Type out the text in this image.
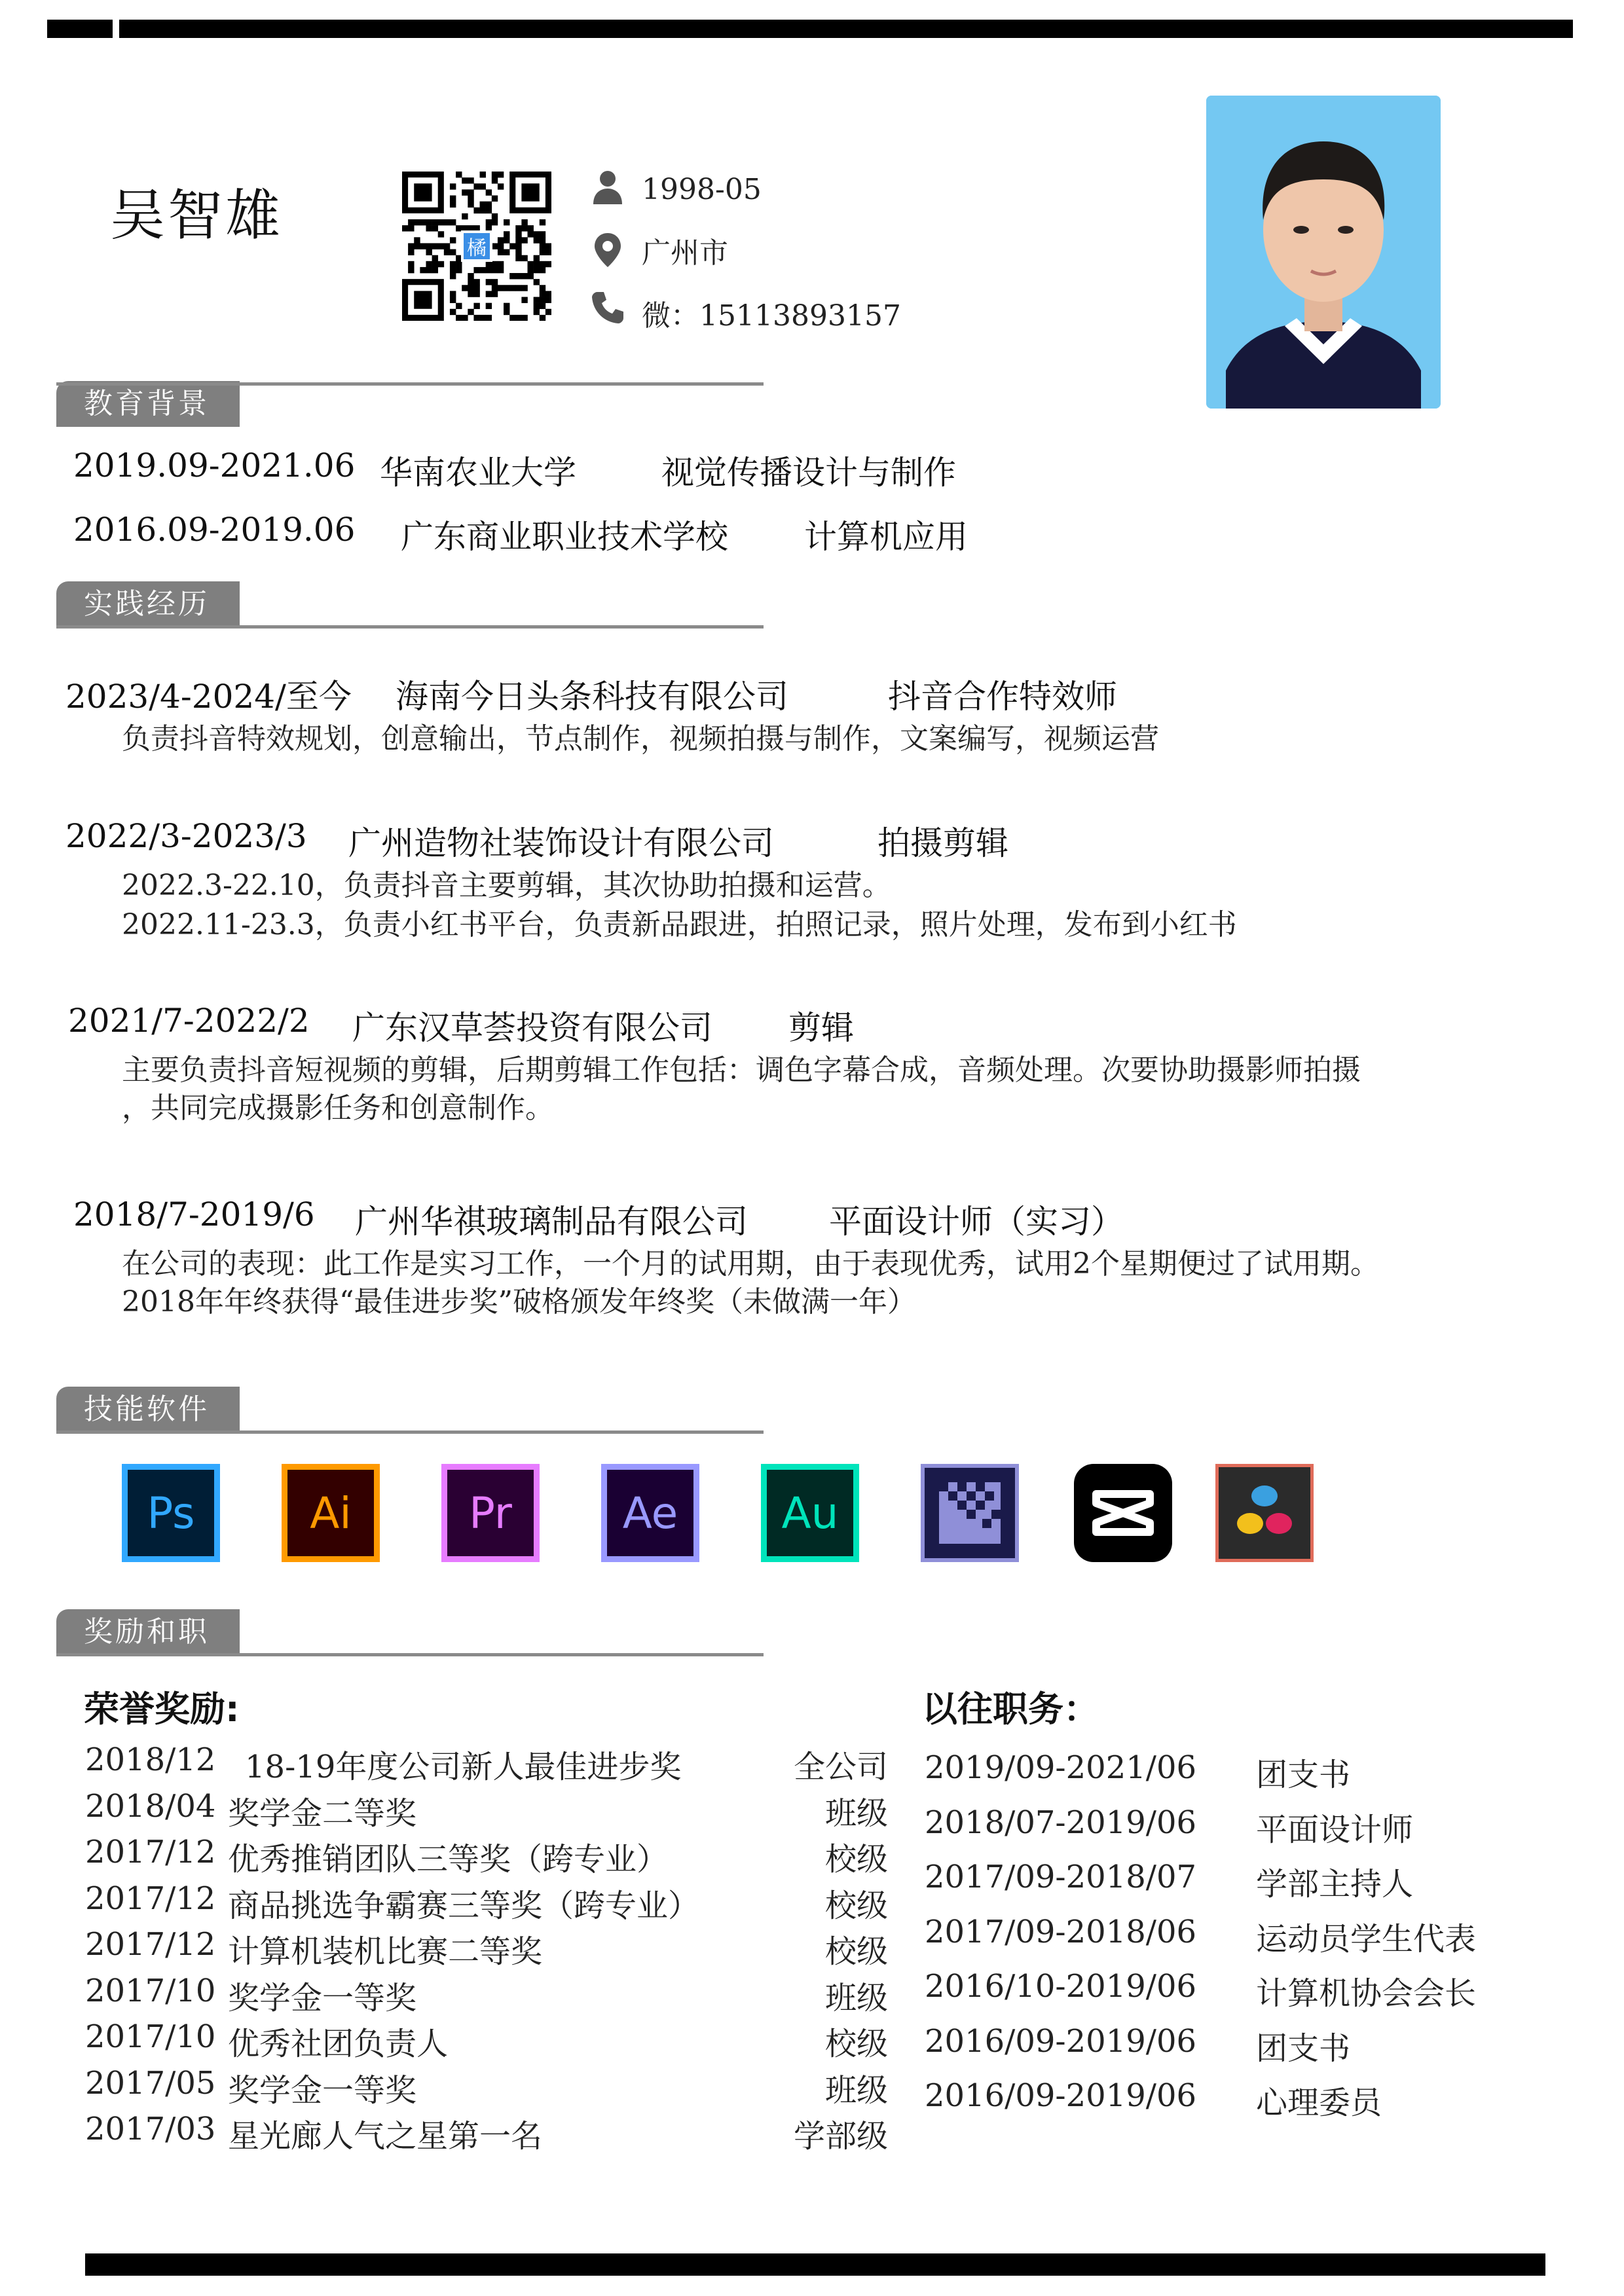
吴智雄
橘
1998-05
广州市
微：15113893157
教育背景
2019.09-2021.06 华南农业大学	视觉传播设计与制作
2016.09-2019.06 广东商业职业技术学校 计算机应用
实践经历
2023/4-2024/至今 海南今日头条科技有限公司	抖音合作特效师
负责抖音特效规划，创意输出，节点制作，视频拍摄与制作，文案编写，视频运营
2022/3-2023/3 广州造物社装饰设计有限公司	拍摄剪辑
2022.3-22.10，负责抖音主要剪辑，其次协助拍摄和运营。
2022.11-23.3，负责小红书平台，负责新品跟进，拍照记录，照片处理，发布到小红书
2021/7-2022/2 广东汉草荟投资有限公司 剪辑
主要负责抖音短视频的剪辑，后期剪辑工作包括：调色字幕合成，音频处理。次要协助摄影师拍摄
，共同完成摄影任务和创意制作。
2018/7-2019/6 广州华祺玻璃制品有限公司 平面设计师（实习）
在公司的表现：此工作是实习工作，一个月的试用期，由于表现优秀，试用2个星期便过了试用期。
2018年年终获得“最佳进步奖”破格颁发年终奖（未做满一年）
技能软件
Ps	Ai	Pr	Ae Au
奖励和职务
荣誉奖励:	以往职务：
2018/12 18-19年度公司新人最佳进步奖	全公司
2018/04 奖学金二等奖	班级
2017/12 优秀推销团队三等奖（跨专业）	校级
2017/12 商品挑选争霸赛三等奖（跨专业）	校级
2017/12 计算机装机比赛二等奖	校级
2017/10 奖学金一等奖	班级
2017/10 优秀社团负责人	校级
2017/05 奖学金一等奖	班级
2017/03 星光廊人气之星第一名	学部级
2019/09-2021/06 团支书
2018/07-2019/06 平面设计师
2017/09-2018/07 学部主持人
2017/09-2018/06 运动员学生代表
2016/10-2019/06 计算机协会会长
2016/09-2019/06 团支书
2016/09-2019/06 心理委员
